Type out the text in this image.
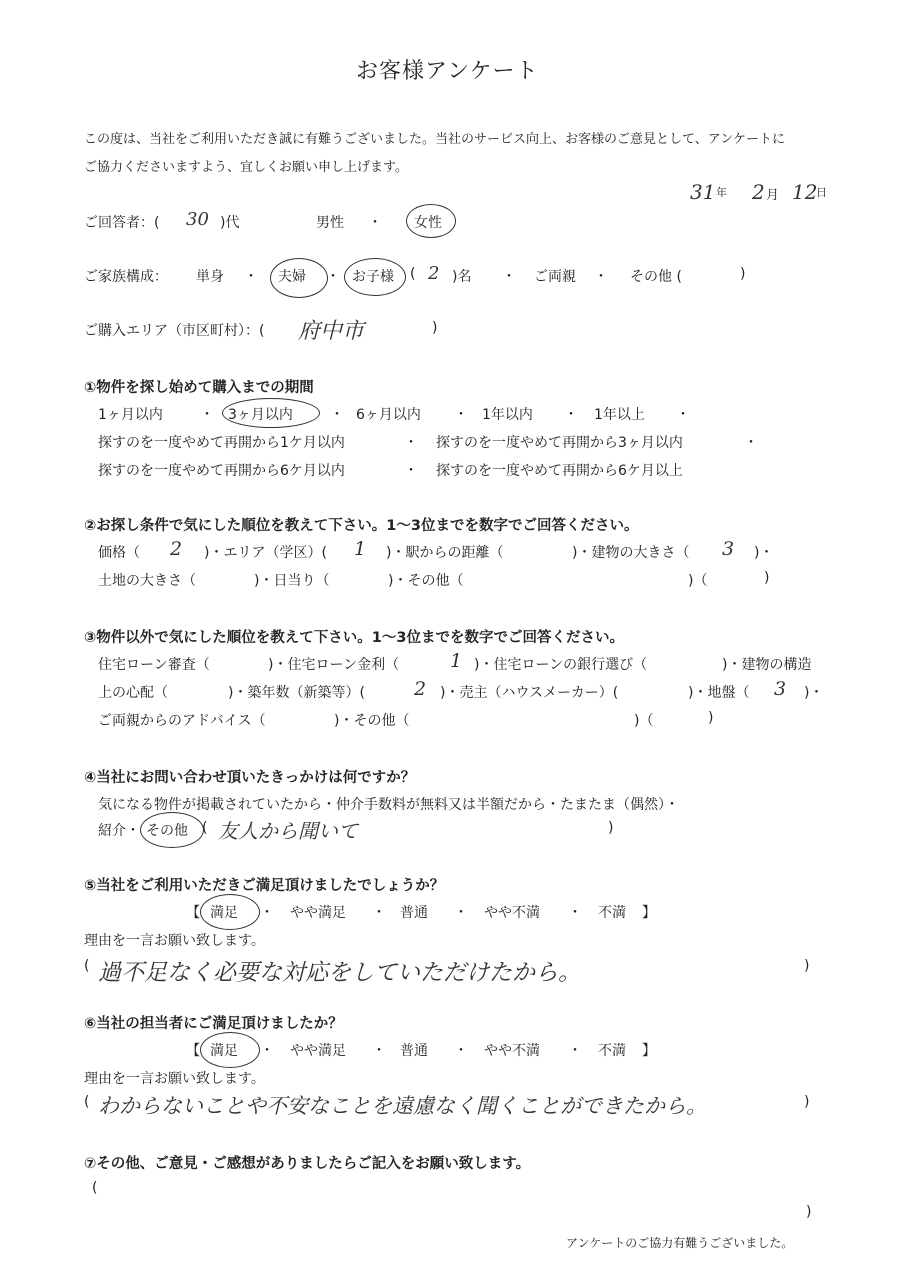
お客様アンケート
この度は、当社をご利用いただき誠に有難うございました。当社のサービス向上、お客様のご意見として、アンケートに
ご協力くださいますよう、宜しくお願い申し上げます。
31 年 2 月 12
日
ご回答者：( 30 )代	男性 ・ 女性
ご家族構成： 単身 ・ 夫婦 ・ お子様 ( 2 )名 ・ ご両親 ・ その他 (	)
ご購入エリア（市区町村）：( 府中市	)
①物件を探し始めて購入までの期間
1ヶ月以内	・ 3ヶ月以内	・ 6ヶ月以内 ・ 1年以内 ・ 1年以上 ・
探すのを一度やめて再開から1ケ月以内	・ 探すのを一度やめて再開から3ヶ月以内	・
探すのを一度やめて再開から6ケ月以内	・ 探すのを一度やめて再開から6ケ月以上
②お探し条件で気にした順位を教えて下さい。1～3位までを数字でご回答ください。
価格（ 2 )・エリア（学区）( 1 )・駅からの距離（	)・建物の大きさ（ 3 )・
土地の大きさ（	)・日当り（	)・その他（	)（	)
③物件以外で気にした順位を教えて下さい。1～3位までを数字でご回答ください。
住宅ローン審査（	)・住宅ローン金利（	1 )・住宅ローンの銀行選び（	)・建物の構造
上の心配（	)・築年数（新築等）(	2 )・売主（ハウスメーカー）(	)・地盤（ 3 )・
ご両親からのアドバイス（	)・その他（	)（	)
④当社にお問い合わせ頂いたきっかけは何ですか？
気になる物件が掲載されていたから・仲介手数料が無料又は半額だから・たまたま（偶然）・
紹介・ その他 ( 友人から聞いて	)
⑤当社をご利用いただきご満足頂けましたでしょうか？
【 満足 ・ やや満足 ・ 普通 ・ やや不満 ・ 不満 】
理由を一言お願い致します。
( 過不足なく必要な対応をしていただけたから。	)
⑥当社の担当者にご満足頂けましたか？
【 満足 ・ やや満足 ・ 普通 ・ やや不満 ・ 不満 】
理由を一言お願い致します。
( わからないことや不安なことを遠慮なく聞くことができたから。	)
⑦その他、ご意見・ご感想がありましたらご記入をお願い致します。
(
)
アンケートのご協力有難うございました。
